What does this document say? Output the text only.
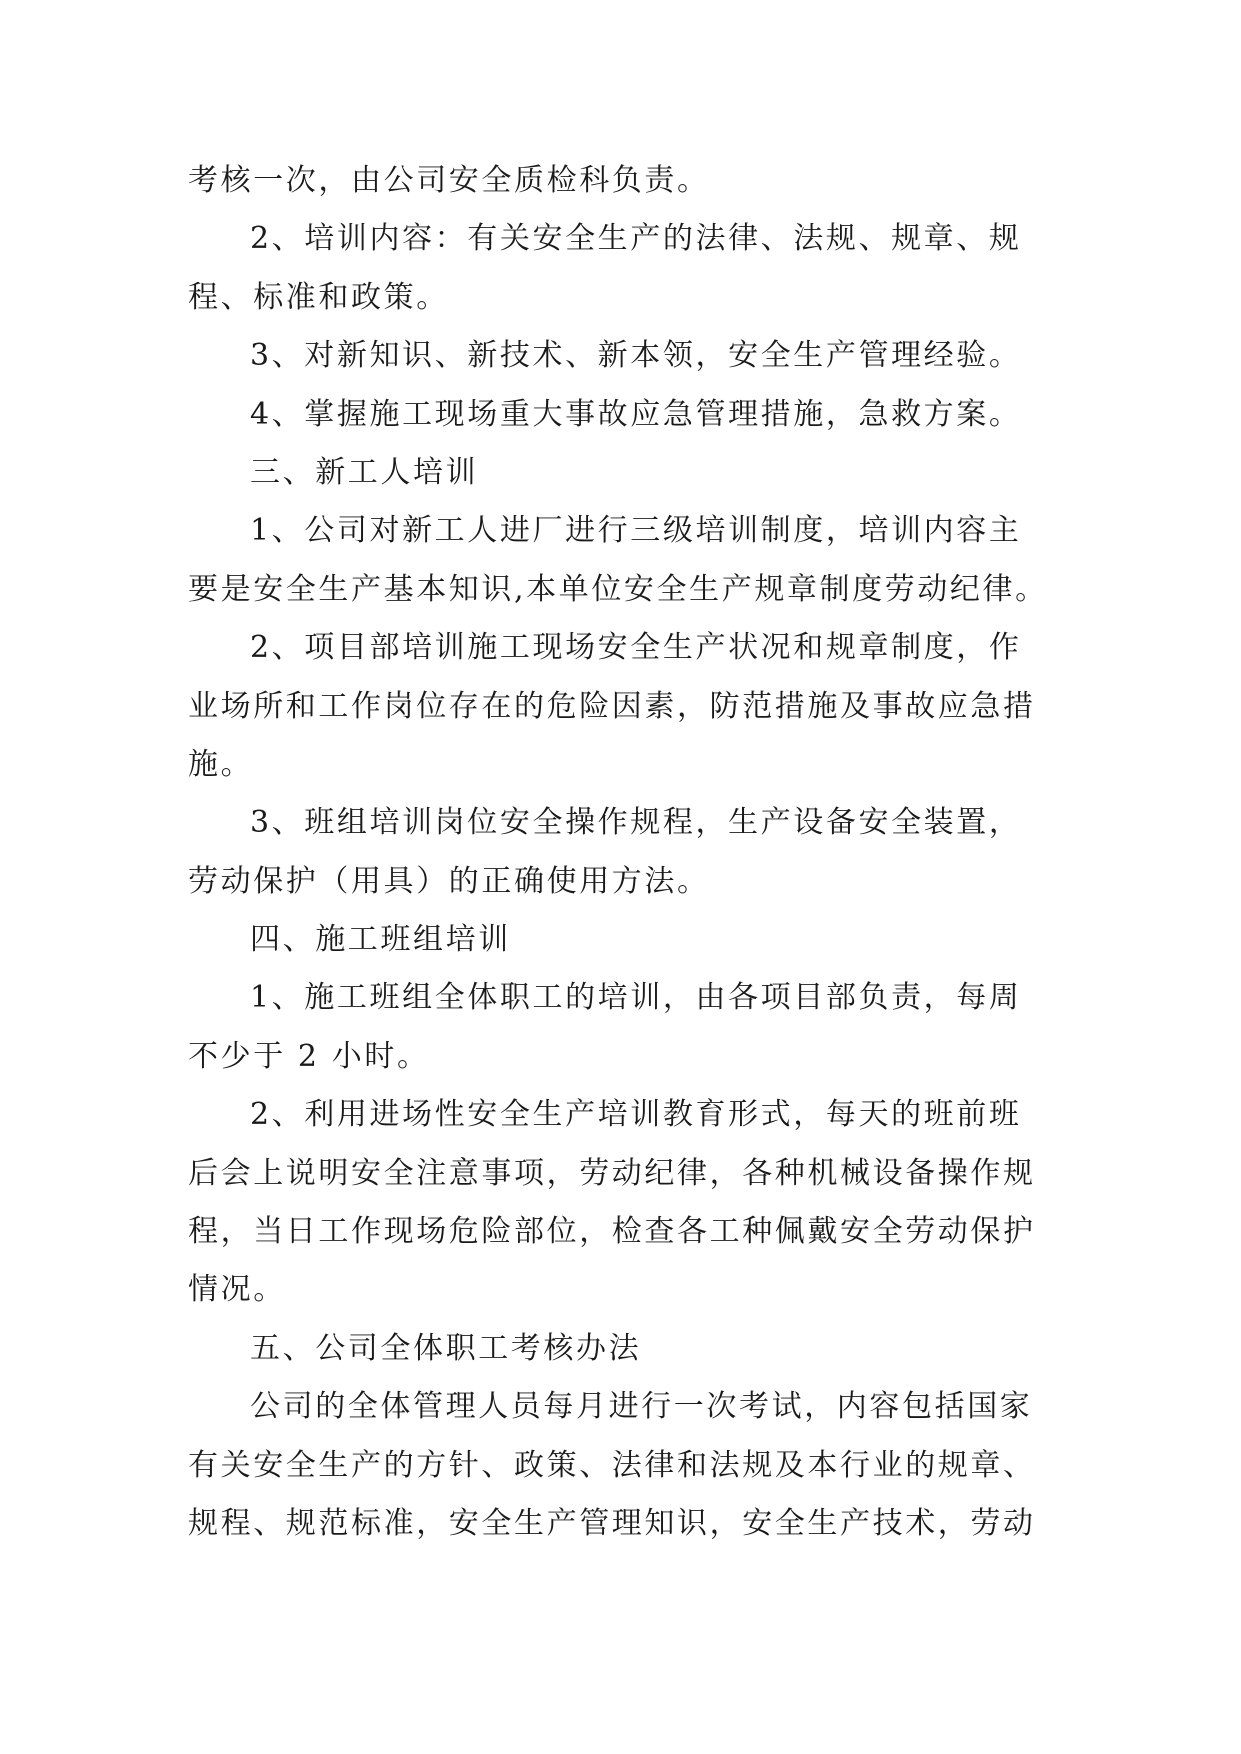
考核一次，由公司安全质检科负责。
2、培训内容：有关安全生产的法律、法规、规章、规
程、标准和政策。
3、对新知识、新技术、新本领，安全生产管理经验。
4、掌握施工现场重大事故应急管理措施，急救方案。
三、新工人培训
1、公司对新工人进厂进行三级培训制度，培训内容主
要是安全生产基本知识,本单位安全生产规章制度劳动纪律。
2、项目部培训施工现场安全生产状况和规章制度，作
业场所和工作岗位存在的危险因素，防范措施及事故应急措
施。
3、班组培训岗位安全操作规程，生产设备安全装置，
劳动保护（用具）的正确使用方法。
四、施工班组培训
1、施工班组全体职工的培训，由各项目部负责，每周
不少于 2 小时。
2、利用进场性安全生产培训教育形式，每天的班前班
后会上说明安全注意事项，劳动纪律，各种机械设备操作规
程，当日工作现场危险部位，检查各工种佩戴安全劳动保护
情况。
五、公司全体职工考核办法
公司的全体管理人员每月进行一次考试，内容包括国家
有关安全生产的方针、政策、法律和法规及本行业的规章、
规程、规范标准，安全生产管理知识，安全生产技术，劳动
